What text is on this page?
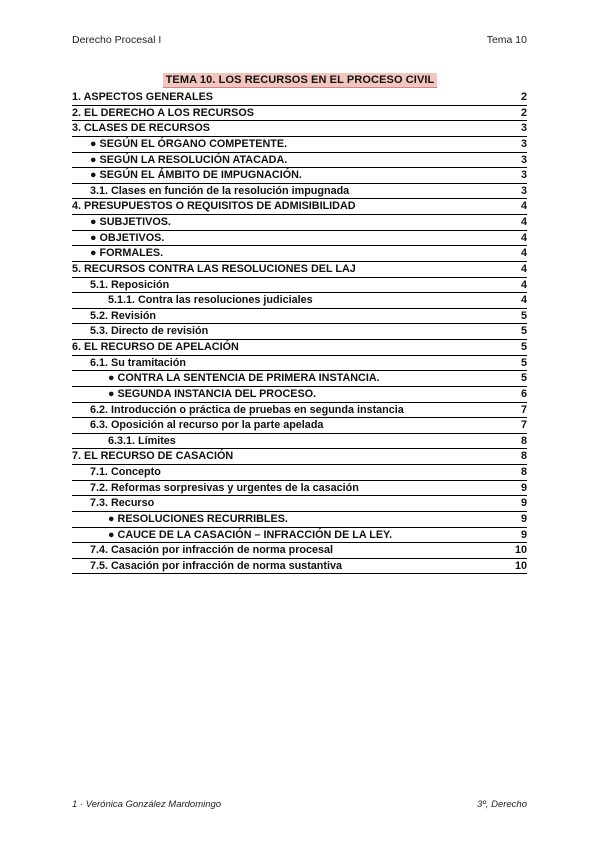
Derecho Procesal I	Tema 10
TEMA 10. LOS RECURSOS EN EL PROCESO CIVIL
1. ASPECTOS GENERALES	2
2. EL DERECHO A LOS RECURSOS	2
3. CLASES DE RECURSOS	3
● SEGÚN EL ÓRGANO COMPETENTE.	3
● SEGÚN LA RESOLUCIÓN ATACADA.	3
● SEGÚN EL ÁMBITO DE IMPUGNACIÓN.	3
3.1. Clases en función de la resolución impugnada	3
4. PRESUPUESTOS O REQUISITOS DE ADMISIBILIDAD	4
● SUBJETIVOS.	4
● OBJETIVOS.	4
● FORMALES.	4
5. RECURSOS CONTRA LAS RESOLUCIONES DEL LAJ	4
5.1. Reposición	4
5.1.1. Contra las resoluciones judiciales	4
5.2. Revisión	5
5.3. Directo de revisión	5
6. EL RECURSO DE APELACIÓN	5
6.1. Su tramitación	5
● CONTRA LA SENTENCIA DE PRIMERA INSTANCIA.	5
● SEGUNDA INSTANCIA DEL PROCESO.	6
6.2. Introducción o práctica de pruebas en segunda instancia	7
6.3. Oposición al recurso por la parte apelada	7
6.3.1. Límites	8
7. EL RECURSO DE CASACIÓN	8
7.1. Concepto	8
7.2. Reformas sorpresivas y urgentes de la casación	9
7.3. Recurso	9
● RESOLUCIONES RECURRIBLES.	9
● CAUCE DE LA CASACIÓN – INFRACCIÓN DE LA LEY.	9
7.4. Casación por infracción de norma procesal	10
7.5. Casación por infracción de norma sustantiva	10
1 · Verónica González Mardomingo	3º, Derecho
